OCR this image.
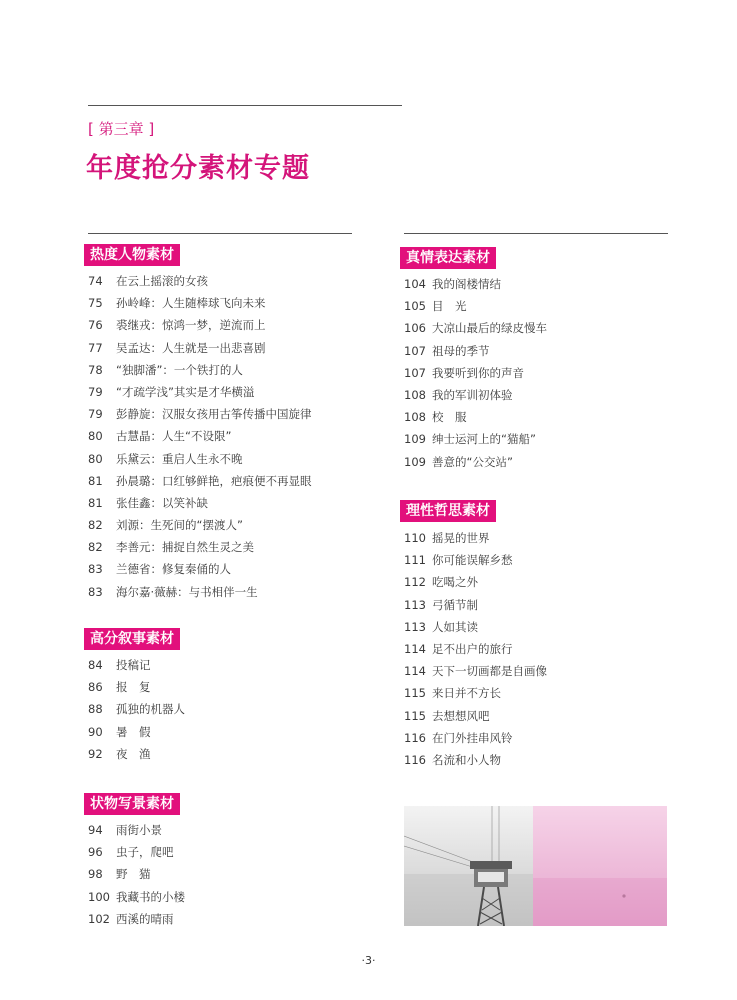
[ 第三章 ]
年度抢分素材专题
热度人物素材
74 在云上摇滚的女孩
75 孙岭峰：人生随棒球飞向未来
76 裘继戎：惊鸿一梦，逆流而上
77 吴孟达：人生就是一出悲喜剧
78 “独脚潘”：一个铁打的人
79 “才疏学浅”其实是才华横溢
79 彭静旋：汉服女孩用古筝传播中国旋律
80 古慧晶：人生“不设限”
80 乐黛云：重启人生永不晚
81 孙晨璐：口红够鲜艳，疤痕便不再显眼
81 张佳鑫：以笑补缺
82 刘源：生死间的“摆渡人”
82 李善元：捕捉自然生灵之美
83 兰德省：修复秦俑的人
83 海尔嘉·薇赫：与书相伴一生
高分叙事素材
84 投稿记
86 报　复
88 孤独的机器人
90 暑　假
92 夜　渔
状物写景素材
94 雨街小景
96 虫子，爬吧
98 野　猫
100 我藏书的小楼
102 西溪的晴雨
真情表达素材
104 我的阁楼情结
105 目　光
106 大凉山最后的绿皮慢车
107 祖母的季节
107 我要听到你的声音
108 我的军训初体验
108 校　服
109 绅士运河上的“猫船”
109 善意的“公交站”
理性哲思素材
110 摇晃的世界
111 你可能误解乡愁
112 吃喝之外
113 弓循节制
113 人如其读
114 足不出户的旅行
114 天下一切画都是自画像
115 来日并不方长
115 去想想风吧
116 在门外挂串风铃
116 名流和小人物
·3·
